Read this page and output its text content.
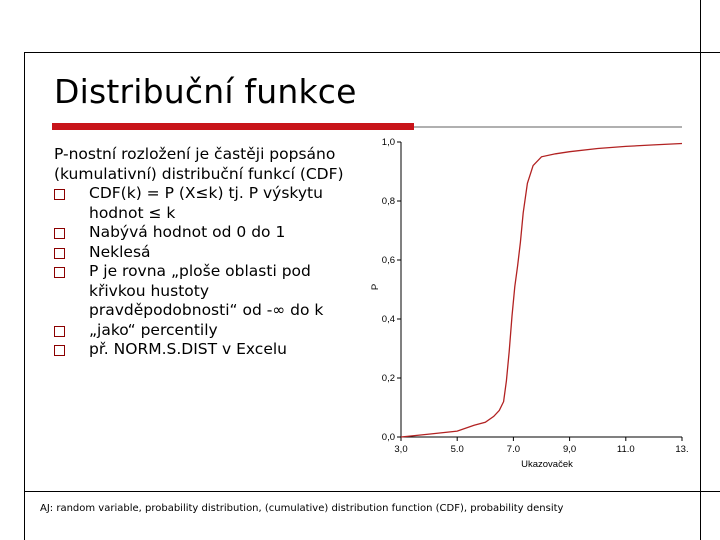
Distribuční funkce

P-nostní rozložení je častěji popsáno (kumulativní) distribuční funkcí (CDF)

CDF(k) = P (X≤k) tj. P výskytu hodnot ≤ k
Nabývá hodnot od 0 do 1
Neklesá
P je rovna „ploše oblasti pod křivkou hustoty pravděpodobnosti“ od -∞ do k
„jako“ percentily
př. NORM.S.DIST v Excelu
0,0
0,2
0,4
0,6
0,8
1,0
3,0	5.0	7.0	9,0	11.0	13.
Ukazovaček
P
AJ: random variable, probability distribution, (cumulative) distribution function (CDF), probability density
